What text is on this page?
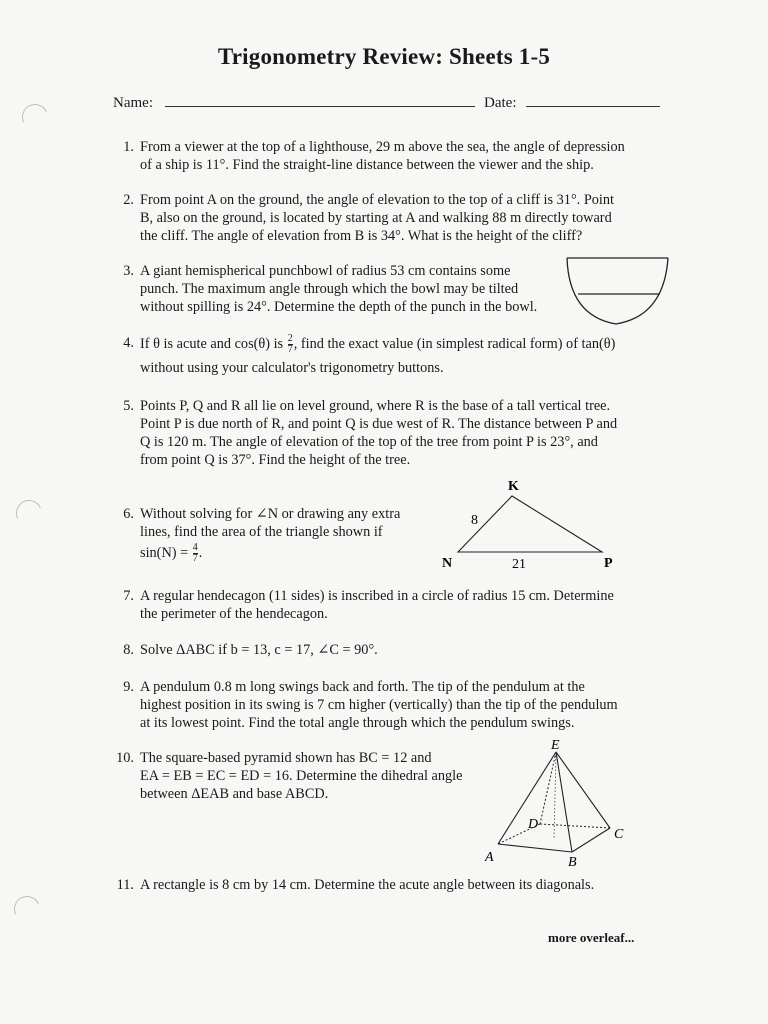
Trigonometry Review: Sheets 1-5
Name:	Date:
1. From a viewer at the top of a lighthouse, 29 m above the sea, the angle of depression
of a ship is 11°. Find the straight-line distance between the viewer and the ship.
2. From point A on the ground, the angle of elevation to the top of a cliff is 31°. Point
B, also on the ground, is located by starting at A and walking 88 m directly toward
the cliff. The angle of elevation from B is 34°. What is the height of the cliff?
3. A giant hemispherical punchbowl of radius 53 cm contains some
punch. The maximum angle through which the bowl may be tilted
without spilling is 24°. Determine the depth of the punch in the bowl.
4. If θ is acute and cos(θ) is $\frac{2}{7}$ , find the exact value (in simplest radical form) of tan(θ)
without using your calculator's trigonometry buttons.
5. Points P, Q and R all lie on level ground, where R is the base of a tall vertical tree.
Point P is due north of R, and point Q is due west of R. The distance between P and
Q is 120 m. The angle of elevation of the top of the tree from point P is 23°, and
from point Q is 37°. Find the height of the tree.
6. Without solving for ∠N or drawing any extra
lines, find the area of the triangle shown if
$\sin(N) = \frac{4}{7}$ .
K
N	P
8
21
7. A regular hendecagon (11 sides) is inscribed in a circle of radius 15 cm. Determine
the perimeter of the hendecagon.
8. Solve ΔABC if b = 13, c = 17, ∠C = 90°.
9. A pendulum 0.8 m long swings back and forth. The tip of the pendulum at the
highest position in its swing is 7 cm higher (vertically) than the tip of the pendulum
at its lowest point. Find the total angle through which the pendulum swings.
10. The square-based pyramid shown has BC = 12 and
EA = EB = EC = ED = 16. Determine the dihedral angle
between ΔEAB and base ABCD.
E
A	B
C
D
11. A rectangle is 8 cm by 14 cm. Determine the acute angle between its diagonals.
more overleaf...
